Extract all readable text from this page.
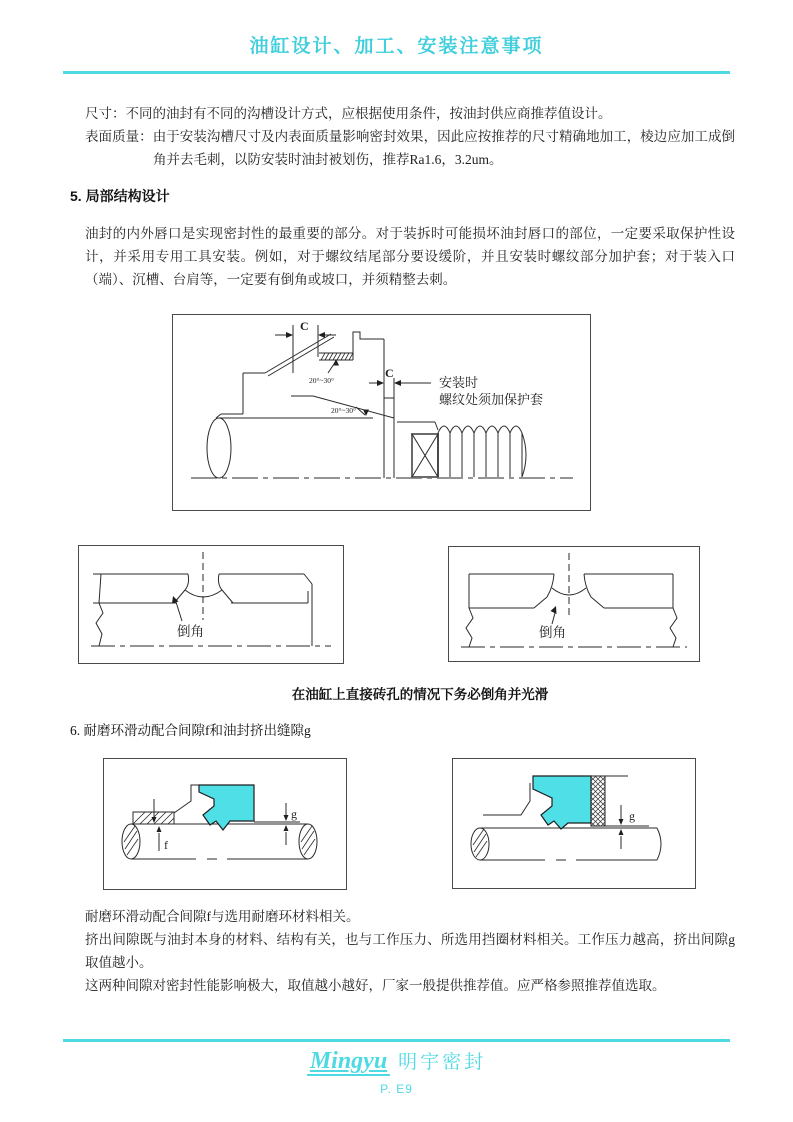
油缸设计、加工、安装注意事项

尺寸：不同的油封有不同的沟槽设计方式，应根据使用条件，按油封供应商推荐值设计。

表面质量：由于安装沟槽尺寸及内表面质量影响密封效果，因此应按推荐的尺寸精确地加工，棱边应加工成倒角并去毛刺，以防安装时油封被划伤，推荐Ra1.6，3.2um。

5. 局部结构设计
油封的内外唇口是实现密封性的最重要的部分。对于装拆时可能损坏油封唇口的部位，一定要采取保护性设计，并采用专用工具安装。例如，对于螺纹结尾部分要设缓阶，并且安装时螺纹部分加护套；对于装入口（端）、沉槽、台肩等，一定要有倒角或坡口，并须精整去刺。
C
C
20°~30°
20°~30°
安装时
螺纹处须加保护套
倒角	倒角
在油缸上直接砖孔的情况下务必倒角并光滑
6. 耐磨环滑动配合间隙f和油封挤出缝隙g
f
g	g

耐磨环滑动配合间隙f与选用耐磨环材料相关。

挤出间隙既与油封本身的材料、结构有关，也与工作压力、所选用挡圈材料相关。工作压力越高，挤出间隙g取值越小。

这两种间隙对密封性能影响极大，取值越小越好，厂家一般提供推荐值。应严格参照推荐值选取。

Mingyu 明宇密封
P. E9
